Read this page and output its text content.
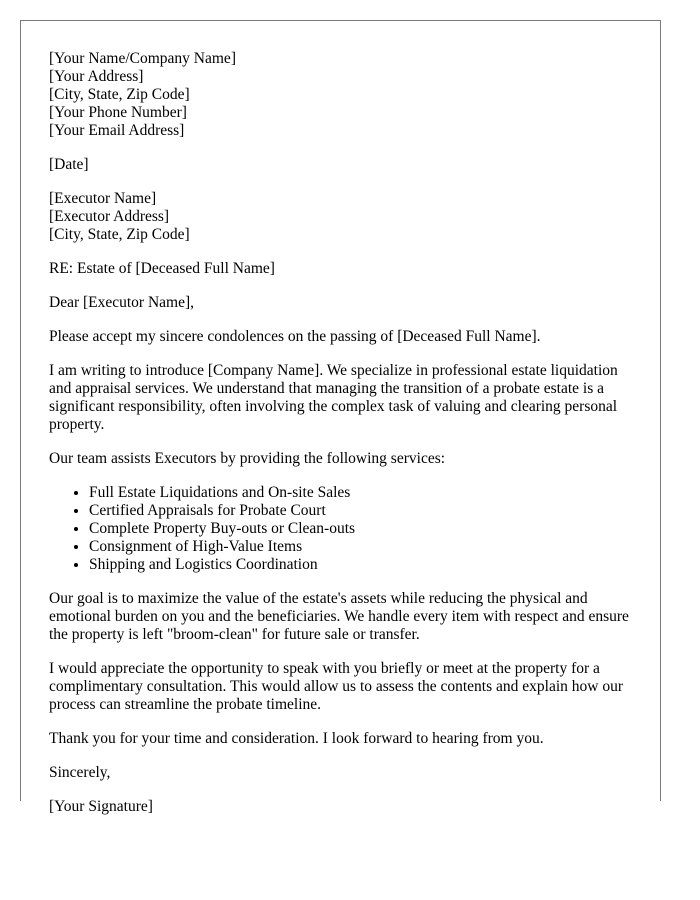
[Your Name/Company Name]
[Your Address]
[City, State, Zip Code]
[Your Phone Number]
[Your Email Address]

[Date]

[Executor Name]
[Executor Address]
[City, State, Zip Code]

RE: Estate of [Deceased Full Name]

Dear [Executor Name],

Please accept my sincere condolences on the passing of [Deceased Full Name].

I am writing to introduce [Company Name]. We specialize in professional estate liquidation and appraisal services. We understand that managing the transition of a probate estate is a significant responsibility, often involving the complex task of valuing and clearing personal property.

Our team assists Executors by providing the following services:

• Full Estate Liquidations and On-site Sales
• Certified Appraisals for Probate Court
• Complete Property Buy-outs or Clean-outs
• Consignment of High-Value Items
• Shipping and Logistics Coordination

Our goal is to maximize the value of the estate's assets while reducing the physical and emotional burden on you and the beneficiaries. We handle every item with respect and ensure the property is left "broom-clean" for future sale or transfer.

I would appreciate the opportunity to speak with you briefly or meet at the property for a complimentary consultation. This would allow us to assess the contents and explain how our process can streamline the probate timeline.

Thank you for your time and consideration. I look forward to hearing from you.

Sincerely,

[Your Signature]
